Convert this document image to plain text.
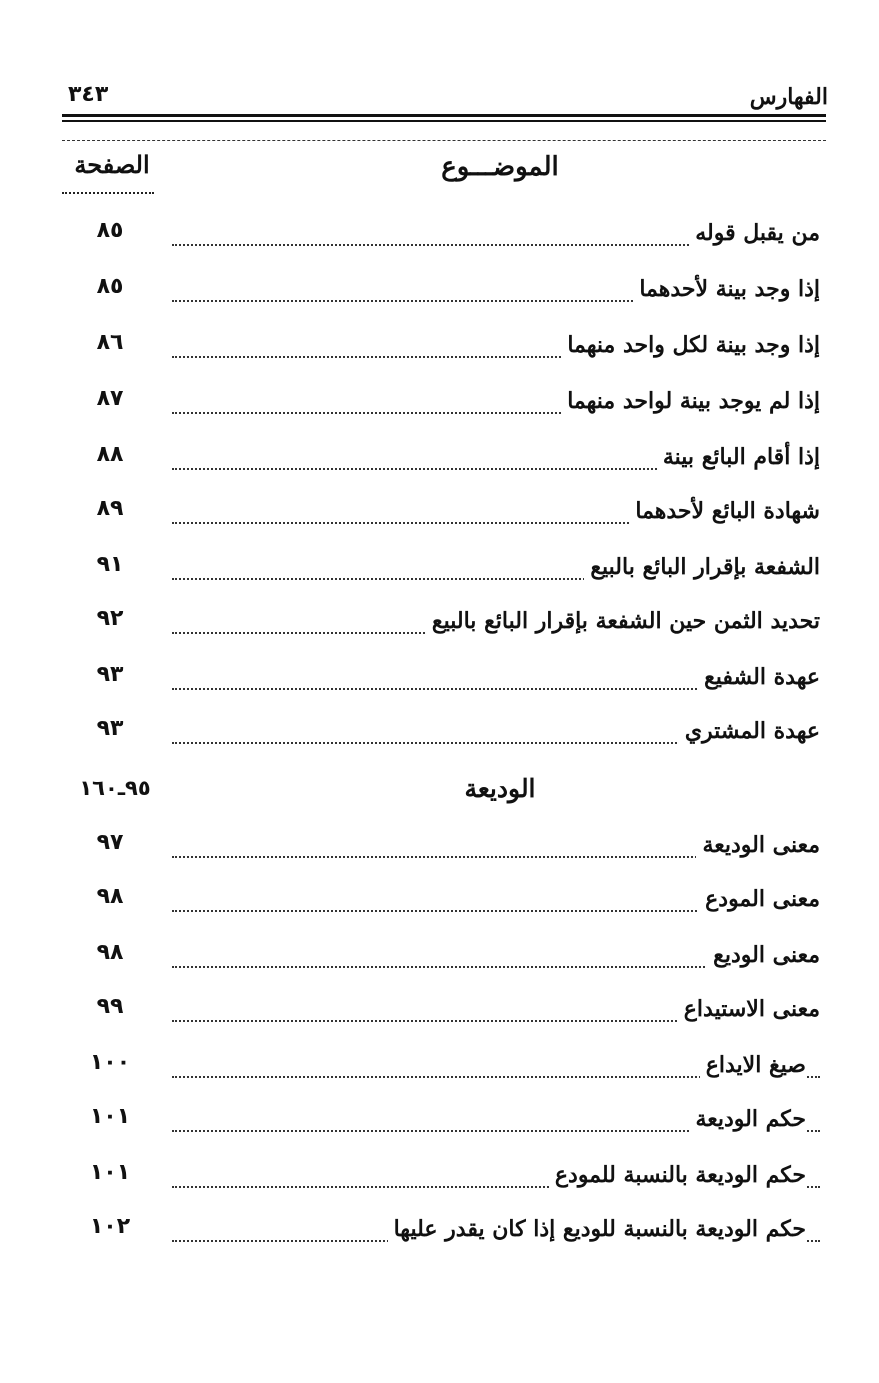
الفهارس
٣٤٣
الموضـــوع
الصفحة
من يقبل قوله
٨٥
إذا وجد بينة لأحدهما
٨٥
إذا وجد بينة لكل واحد منهما
٨٦
إذا لم يوجد بينة لواحد منهما
٨٧
إذا أقام البائع بينة
٨٨
شهادة البائع لأحدهما
٨٩
الشفعة بإقرار البائع بالبيع
٩١
تحديد الثمن حين الشفعة بإقرار البائع بالبيع
٩٢
عهدة الشفيع
٩٣
عهدة المشتري
٩٣
الوديعة
٩٥ـ١٦٠
معنى الوديعة
٩٧
معنى المودع
٩٨
معنى الوديع
٩٨
معنى الاستيداع
٩٩
صيغ الايداع
١٠٠
حكم الوديعة
١٠١
حكم الوديعة بالنسبة للمودع
١٠١
حكم الوديعة بالنسبة للوديع إذا كان يقدر عليها
١٠٢
